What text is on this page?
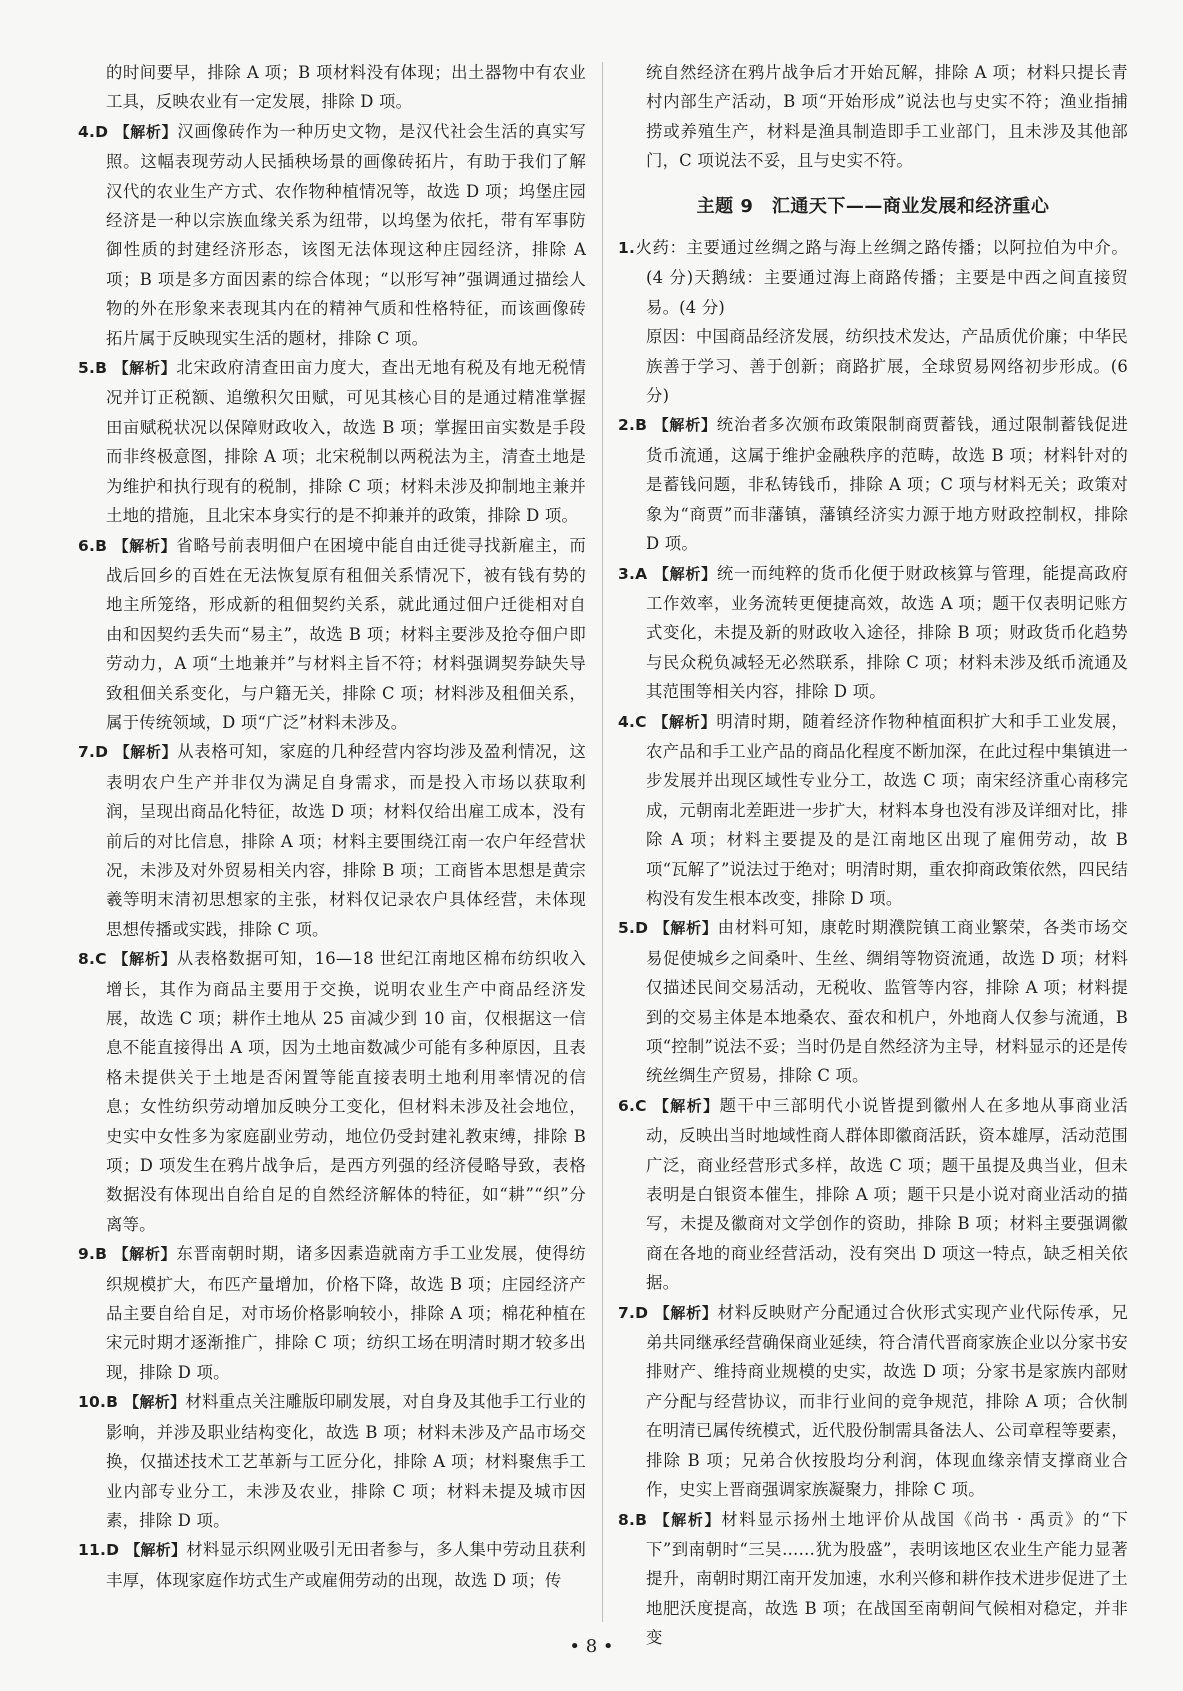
的时间要早，排除 A 项；B 项材料没有体现；出土器物中有农业工具，反映农业有一定发展，排除 D 项。

4.D 【解析】汉画像砖作为一种历史文物，是汉代社会生活的真实写照。这幅表现劳动人民插秧场景的画像砖拓片，有助于我们了解汉代的农业生产方式、农作物种植情况等，故选 D 项；坞堡庄园经济是一种以宗族血缘关系为纽带，以坞堡为依托，带有军事防御性质的封建经济形态，该图无法体现这种庄园经济，排除 A 项；B 项是多方面因素的综合体现；“以形写神”强调通过描绘人物的外在形象来表现其内在的精神气质和性格特征，而该画像砖拓片属于反映现实生活的题材，排除 C 项。

5.B 【解析】北宋政府清查田亩力度大，查出无地有税及有地无税情况并订正税额、追缴积欠田赋，可见其核心目的是通过精准掌握田亩赋税状况以保障财政收入，故选 B 项；掌握田亩实数是手段而非终极意图，排除 A 项；北宋税制以两税法为主，清查土地是为维护和执行现有的税制，排除 C 项；材料未涉及抑制地主兼并土地的措施，且北宋本身实行的是不抑兼并的政策，排除 D 项。

6.B 【解析】省略号前表明佃户在困境中能自由迁徙寻找新雇主，而战后回乡的百姓在无法恢复原有租佃关系情况下，被有钱有势的地主所笼络，形成新的租佃契约关系，就此通过佃户迁徙相对自由和因契约丢失而“易主”，故选 B 项；材料主要涉及抢夺佃户即劳动力，A 项“土地兼并”与材料主旨不符；材料强调契券缺失导致租佃关系变化，与户籍无关，排除 C 项；材料涉及租佃关系，属于传统领域，D 项“广泛”材料未涉及。

7.D 【解析】从表格可知，家庭的几种经营内容均涉及盈利情况，这表明农户生产并非仅为满足自身需求，而是投入市场以获取利润，呈现出商品化特征，故选 D 项；材料仅给出雇工成本，没有前后的对比信息，排除 A 项；材料主要围绕江南一农户年经营状况，未涉及对外贸易相关内容，排除 B 项；工商皆本思想是黄宗羲等明末清初思想家的主张，材料仅记录农户具体经营，未体现思想传播或实践，排除 C 项。

8.C 【解析】从表格数据可知，16—18 世纪江南地区棉布纺织收入增长，其作为商品主要用于交换，说明农业生产中商品经济发展，故选 C 项；耕作土地从 25 亩减少到 10 亩，仅根据这一信息不能直接得出 A 项，因为土地亩数减少可能有多种原因，且表格未提供关于土地是否闲置等能直接表明土地利用率情况的信息；女性纺织劳动增加反映分工变化，但材料未涉及社会地位，史实中女性多为家庭副业劳动，地位仍受封建礼教束缚，排除 B 项；D 项发生在鸦片战争后，是西方列强的经济侵略导致，表格数据没有体现出自给自足的自然经济解体的特征，如“耕”“织”分离等。

9.B 【解析】东晋南朝时期，诸多因素造就南方手工业发展，使得纺织规模扩大，布匹产量增加，价格下降，故选 B 项；庄园经济产品主要自给自足，对市场价格影响较小，排除 A 项；棉花种植在宋元时期才逐渐推广，排除 C 项；纺织工场在明清时期才较多出现，排除 D 项。

10.B 【解析】材料重点关注雕版印刷发展，对自身及其他手工行业的影响，并涉及职业结构变化，故选 B 项；材料未涉及产品市场交换，仅描述技术工艺革新与工匠分化，排除 A 项；材料聚焦手工业内部专业分工，未涉及农业，排除 C 项；材料未提及城市因素，排除 D 项。

11.D 【解析】材料显示织网业吸引无田者参与，多人集中劳动且获利丰厚，体现家庭作坊式生产或雇佣劳动的出现，故选 D 项；传

统自然经济在鸦片战争后才开始瓦解，排除 A 项；材料只提长青村内部生产活动，B 项“开始形成”说法也与史实不符；渔业指捕捞或养殖生产，材料是渔具制造即手工业部门，且未涉及其他部门，C 项说法不妥，且与史实不符。

主题 9　汇通天下——商业发展和经济重心

1.火药：主要通过丝绸之路与海上丝绸之路传播；以阿拉伯为中介。(4 分)天鹅绒：主要通过海上商路传播；主要是中西之间直接贸易。(4 分)

原因：中国商品经济发展，纺织技术发达，产品质优价廉；中华民族善于学习、善于创新；商路扩展，全球贸易网络初步形成。(6 分)

2.B 【解析】统治者多次颁布政策限制商贾蓄钱，通过限制蓄钱促进货币流通，这属于维护金融秩序的范畴，故选 B 项；材料针对的是蓄钱问题，非私铸钱币，排除 A 项；C 项与材料无关；政策对象为“商贾”而非藩镇，藩镇经济实力源于地方财政控制权，排除 D 项。

3.A 【解析】统一而纯粹的货币化便于财政核算与管理，能提高政府工作效率，业务流转更便捷高效，故选 A 项；题干仅表明记账方式变化，未提及新的财政收入途径，排除 B 项；财政货币化趋势与民众税负减轻无必然联系，排除 C 项；材料未涉及纸币流通及其范围等相关内容，排除 D 项。

4.C 【解析】明清时期，随着经济作物种植面积扩大和手工业发展，农产品和手工业产品的商品化程度不断加深，在此过程中集镇进一步发展并出现区域性专业分工，故选 C 项；南宋经济重心南移完成，元朝南北差距进一步扩大，材料本身也没有涉及详细对比，排除 A 项；材料主要提及的是江南地区出现了雇佣劳动，故 B 项“瓦解了”说法过于绝对；明清时期，重农抑商政策依然，四民结构没有发生根本改变，排除 D 项。

5.D 【解析】由材料可知，康乾时期濮院镇工商业繁荣，各类市场交易促使城乡之间桑叶、生丝、绸绢等物资流通，故选 D 项；材料仅描述民间交易活动，无税收、监管等内容，排除 A 项；材料提到的交易主体是本地桑农、蚕农和机户，外地商人仅参与流通，B 项“控制”说法不妥；当时仍是自然经济为主导，材料显示的还是传统丝绸生产贸易，排除 C 项。

6.C 【解析】题干中三部明代小说皆提到徽州人在多地从事商业活动，反映出当时地域性商人群体即徽商活跃，资本雄厚，活动范围广泛，商业经营形式多样，故选 C 项；题干虽提及典当业，但未表明是白银资本催生，排除 A 项；题干只是小说对商业活动的描写，未提及徽商对文学创作的资助，排除 B 项；材料主要强调徽商在各地的商业经营活动，没有突出 D 项这一特点，缺乏相关依据。

7.D 【解析】材料反映财产分配通过合伙形式实现产业代际传承，兄弟共同继承经营确保商业延续，符合清代晋商家族企业以分家书安排财产、维持商业规模的史实，故选 D 项；分家书是家族内部财产分配与经营协议，而非行业间的竞争规范，排除 A 项；合伙制在明清已属传统模式，近代股份制需具备法人、公司章程等要素，排除 B 项；兄弟合伙按股均分利润，体现血缘亲情支撑商业合作，史实上晋商强调家族凝聚力，排除 C 项。

8.B 【解析】材料显示扬州土地评价从战国《尚书 · 禹贡》的“下下”到南朝时“三吴……犹为股盛”，表明该地区农业生产能力显著提升，南朝时期江南开发加速，水利兴修和耕作技术进步促进了土地肥沃度提高，故选 B 项；在战国至南朝间气候相对稳定，并非变

• 8 •
